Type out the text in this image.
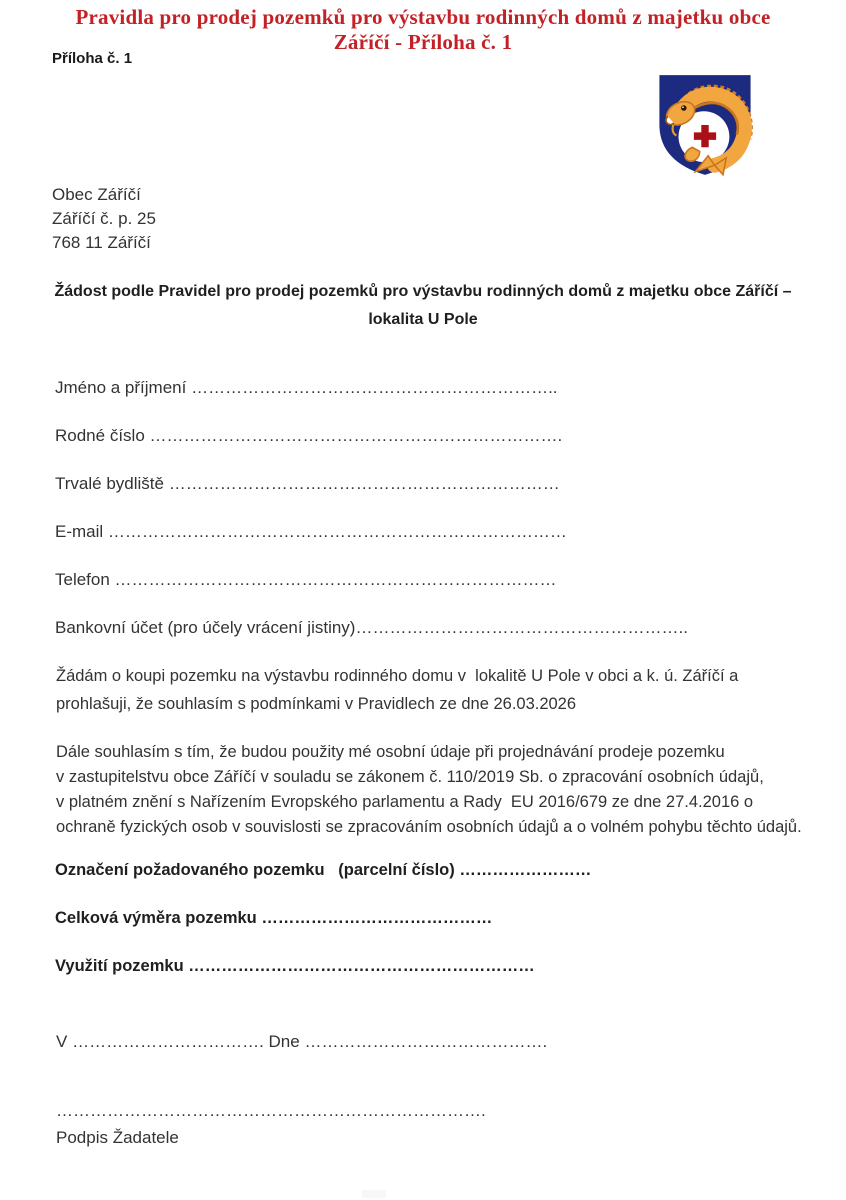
Pravidla pro prodej pozemků pro výstavbu rodinných domů z majetku obce
Záříčí - Příloha č. 1
Příloha č. 1
Obec Záříčí
Záříčí č. p. 25
768 11 Záříčí
Žádost podle Pravidel pro prodej pozemků pro výstavbu rodinných domů z majetku obce Záříčí –
lokalita U Pole
Jméno a příjmení ………………………………………………………..
Rodné číslo ……………………………………………………………….
Trvalé bydliště ……………………………………………………………
E-mail ………………………………………………………………………
Telefon ……………………………………………………………………
Bankovní účet (pro účely vrácení jistiny)…………………………………………………..
Žádám o koupi pozemku na výstavbu rodinného domu v  lokalitě U Pole v obci a k. ú. Záříčí a
prohlašuji, že souhlasím s podmínkami v Pravidlech ze dne 26.03.2026
Dále souhlasím s tím, že budou použity mé osobní údaje při projednávání prodeje pozemku
v zastupitelstvu obce Záříčí v souladu se zákonem č. 110/2019 Sb. o zpracování osobních údajů,
v platném znění s Nařízením Evropského parlamentu a Rady  EU 2016/679 ze dne 27.4.2016 o
ochraně fyzických osob v souvislosti se zpracováním osobních údajů a o volném pohybu těchto údajů.
Označení požadovaného pozemku   (parcelní číslo) ……………………
Celková výměra pozemku ……………………………………
Využití pozemku ………………………………………………………
V ……………………………. Dne …………………………………….
………………………………………………………………….
Podpis Žadatele
